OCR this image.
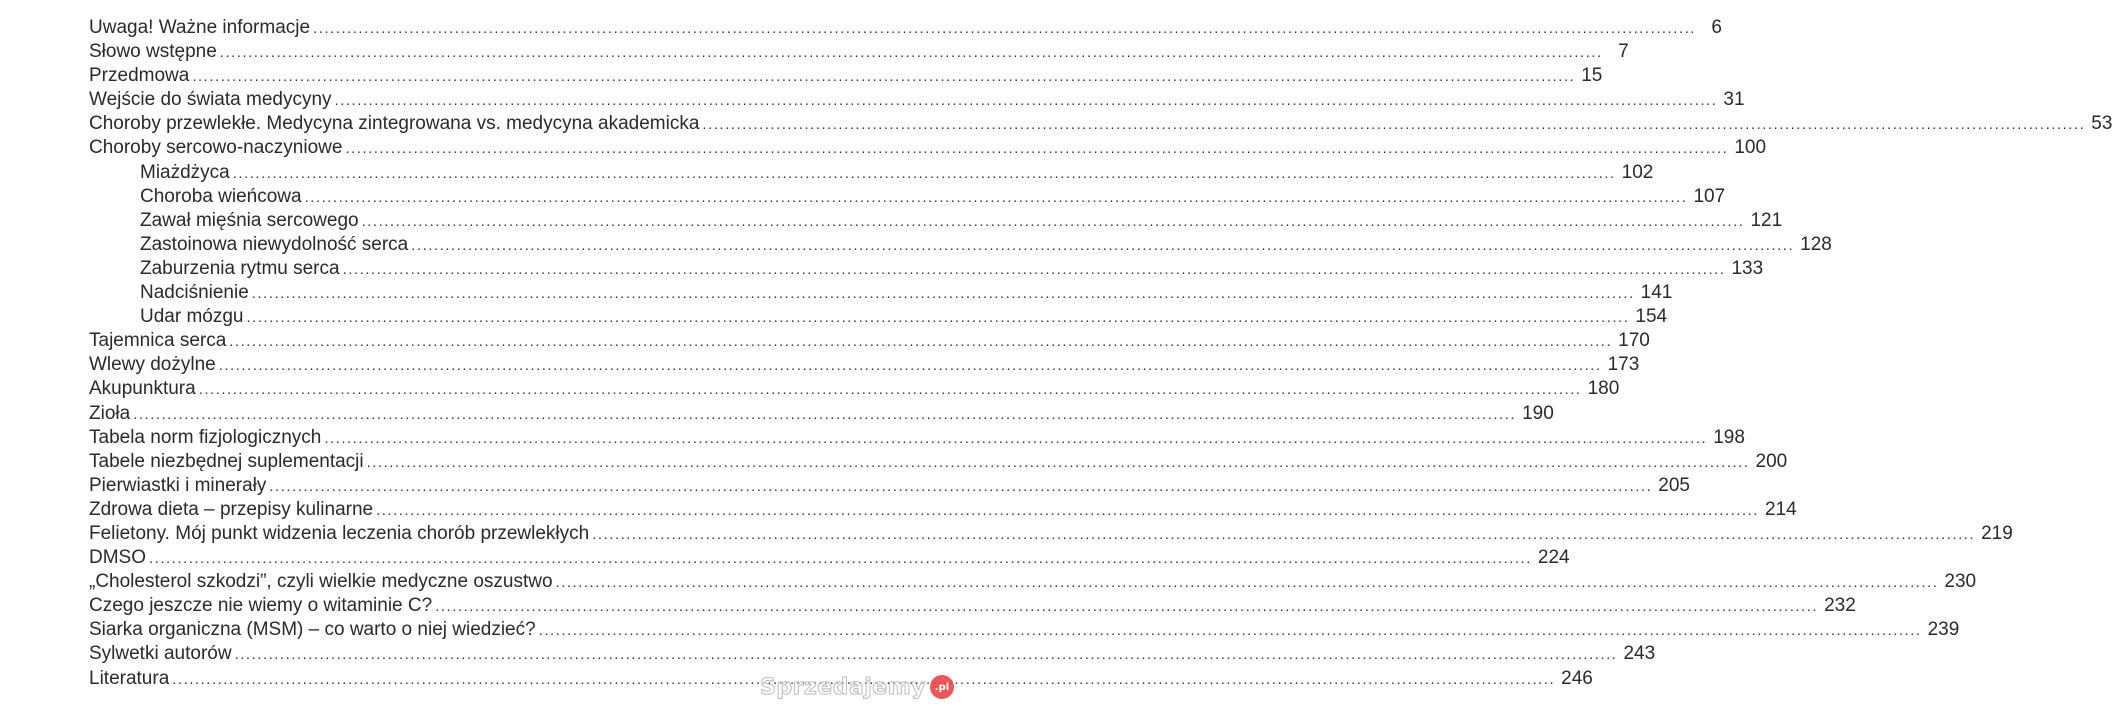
Uwaga! Ważne informacje .....	6
Słowo wstępne .....	7
Przedmowa .....	15
Wejście do świata medycyny .....	31
Choroby przewlekłe. Medycyna zintegrowana vs. medycyna akademicka .....	53
Choroby sercowo-naczyniowe .....	100
Miażdżyca .....	102
Choroba wieńcowa .....	107
Zawał mięśnia sercowego .....	121
Zastoinowa niewydolność serca .....	128
Zaburzenia rytmu serca .....	133
Nadciśnienie .....	141
Udar mózgu .....	154
Tajemnica serca .....	170
Wlewy dożylne .....	173
Akupunktura .....	180
Zioła .....	190
Tabela norm fizjologicznych .....	198
Tabele niezbędnej suplementacji .....	200
Pierwiastki i minerały .....	205
Zdrowa dieta – przepisy kulinarne .....	214
Felietony. Mój punkt widzenia leczenia chorób przewlekłych .....	219
DMSO .....	224
„Cholesterol szkodzi”, czyli wielkie medyczne oszustwo .....	230
Czego jeszcze nie wiemy o witaminie C? .....	232
Siarka organiczna (MSM) – co warto o niej wiedzieć? .....	239
Sylwetki autorów .....	243
Literatura .....	246
Sprzedajemy .pl
